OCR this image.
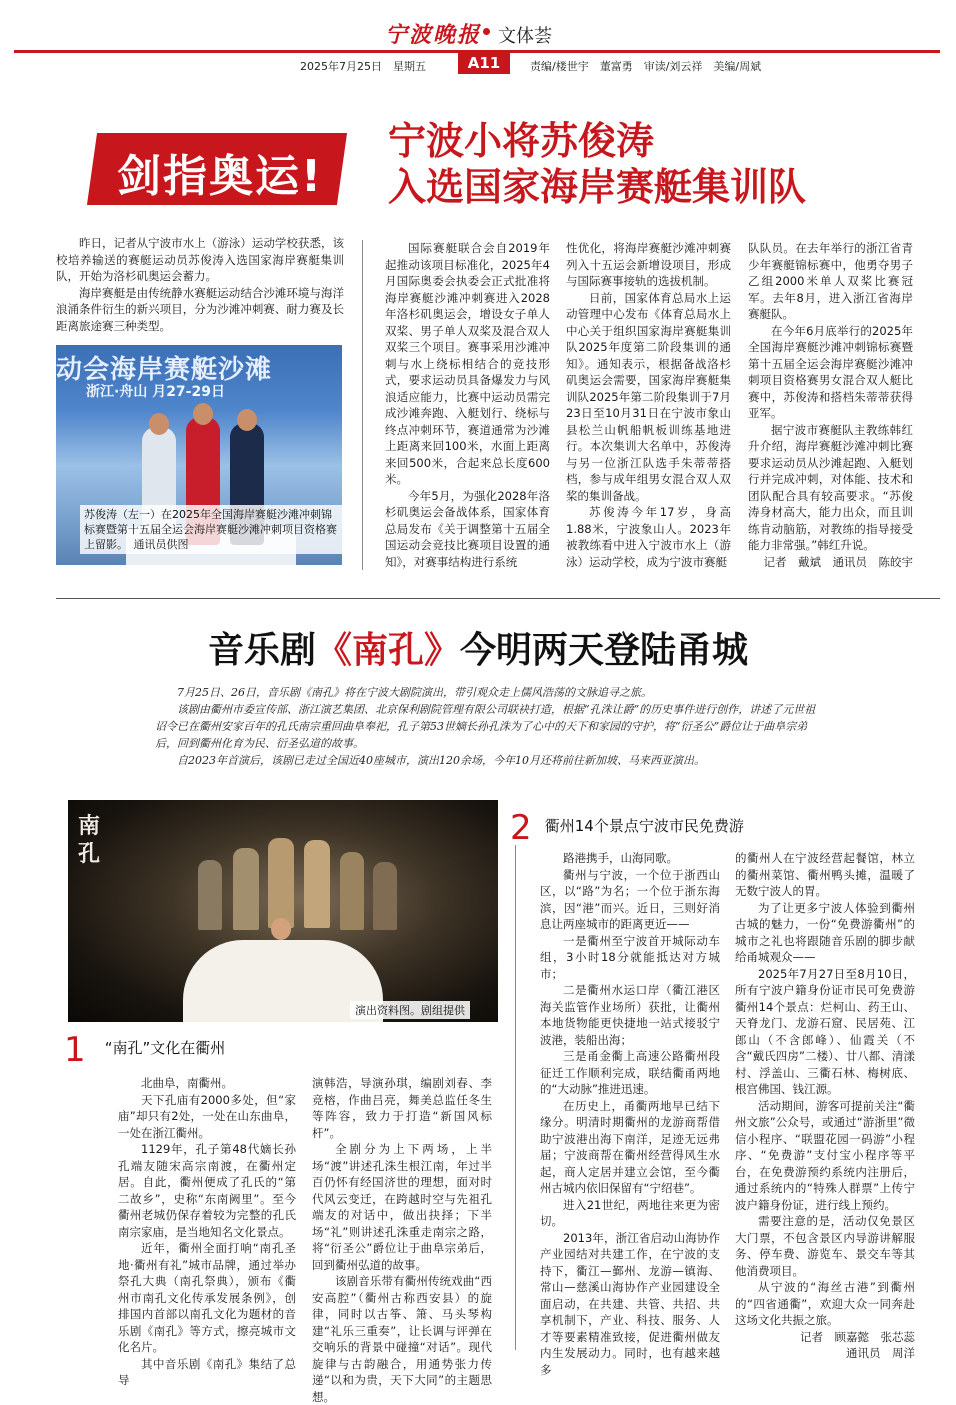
宁波晚报 文体荟
2025年7月25日　星期五	A11	责编/楼世宇　董富勇　审读/刘云祥　美编/周斌
剑指奥运!
宁波小将苏俊涛
入选国家海岸赛艇集训队

昨日，记者从宁波市水上（游泳）运动学校获悉，该校培养输送的赛艇运动员苏俊涛入选国家海岸赛艇集训队，开始为洛杉矶奥运会蓄力。

海岸赛艇是由传统静水赛艇运动结合沙滩环境与海洋浪涌条件衍生的新兴项目，分为沙滩冲刺赛、耐力赛及长距离旅途赛三种类型。

动会海岸赛艇沙滩
浙江·舟山 月27-29日
苏俊涛（左一）在2025年全国海岸赛艇沙滩冲刺锦标赛暨第十五届全运会海岸赛艇沙滩冲刺项目资格赛上留影。　通讯员供图

国际赛艇联合会自2019年起推动该项目标准化，2025年4月国际奥委会执委会正式批准将海岸赛艇沙滩冲刺赛进入2028年洛杉矶奥运会，增设女子单人双桨、男子单人双桨及混合双人双桨三个项目。赛事采用沙滩冲刺与水上绕标相结合的竞技形式，要求运动员具备爆发力与风浪适应能力，比赛中运动员需完成沙滩奔跑、入艇划行、绕标与终点冲刺环节，赛道通常为沙滩上距离来回100米，水面上距离来回500米，合起来总长度600米。

今年5月，为强化2028年洛杉矶奥运会备战体系，国家体育总局发布《关于调整第十五届全国运动会竞技比赛项目设置的通知》，对赛事结构进行系统

性优化，将海岸赛艇沙滩冲刺赛列入十五运会新增设项目，形成与国际赛事接轨的选拔机制。

日前，国家体育总局水上运动管理中心发布《体育总局水上中心关于组织国家海岸赛艇集训队2025年度第二阶段集训的通知》。通知表示，根据备战洛杉矶奥运会需要，国家海岸赛艇集训队2025年第二阶段集训于7月23日至10月31日在宁波市象山县松兰山帆船帆板训练基地进行。本次集训大名单中，苏俊涛与另一位浙江队选手朱蒂蒂搭档，参与成年组男女混合双人双桨的集训备战。

苏俊涛今年17岁，身高1.88米，宁波象山人。2023年被教练看中进入宁波市水上（游泳）运动学校，成为宁波市赛艇

队队员。在去年举行的浙江省青少年赛艇锦标赛中，他勇夺男子乙组2000米单人双桨比赛冠军。去年8月，进入浙江省海岸赛艇队。

在今年6月底举行的2025年全国海岸赛艇沙滩冲刺锦标赛暨第十五届全运会海岸赛艇沙滩冲刺项目资格赛男女混合双人艇比赛中，苏俊涛和搭档朱蒂蒂获得亚军。

据宁波市赛艇队主教练韩红升介绍，海岸赛艇沙滩冲刺比赛要求运动员从沙滩起跑、入艇划行并完成冲刺，对体能、技术和团队配合具有较高要求。“苏俊涛身材高大，能力出众，而且训练肯动脑筋，对教练的指导接受能力非常强。”韩红升说。

记者　戴斌　通讯员　陈皎宇
音乐剧《南孔》今明两天登陆甬城

7月25日、26日，音乐剧《南孔》将在宁波大剧院演出，带引观众走上儒风浩荡的文脉追寻之旅。

该剧由衢州市委宣传部、浙江演艺集团、北京保利剧院管理有限公司联袂打造，根据“孔洙让爵”的历史事件进行创作，讲述了元世祖诏令已在衢州安家百年的孔氏南宗重回曲阜奉祀，孔子第53世嫡长孙孔洙为了心中的天下和家园的守护，将“衍圣公”爵位让于曲阜宗弟后，回到衢州化育为民、衍圣弘道的故事。

自2023年首演后，该剧已走过全国近40座城市，演出120余场，今年10月还将前往新加坡、马来西亚演出。

南孔
演出资料图。剧组提供
1 “南孔”文化在衢州

北曲阜，南衢州。

天下孔庙有2000多处，但“家庙”却只有2处，一处在山东曲阜，一处在浙江衢州。

1129年，孔子第48代嫡长孙孔端友随宋高宗南渡，在衢州定居。自此，衢州便成了孔氏的“第二故乡”，史称“东南阙里”。至今衢州老城仍保存着较为完整的孔氏南宗家庙，是当地知名文化景点。

近年，衢州全面打响“南孔圣地·衢州有礼”城市品牌，通过举办祭孔大典（南孔祭典），颁布《衢州市南孔文化传承发展条例》，创排国内首部以南孔文化为题材的音乐剧《南孔》等方式，擦亮城市文化名片。

其中音乐剧《南孔》集结了总导

演韩浩，导演孙琪，编剧刘春、李竞榕，作曲吕亮，舞美总监任冬生等阵容，致力于打造“新国风标杆”。

全剧分为上下两场，上半场“渡”讲述孔洙生根江南，年过半百仍怀有经国济世的理想，面对时代风云变迁，在跨越时空与先祖孔端友的对话中，做出抉择；下半场“礼”则讲述孔洙重走南宗之路，将“衍圣公”爵位让于曲阜宗弟后，回到衢州弘道的故事。

该剧音乐带有衢州传统戏曲“西安高腔”（衢州古称西安县）的旋律，同时以古筝、箫、马头琴构建“礼乐三重奏”，让长调与评弹在交响乐的背景中碰撞“对话”。现代旋律与古韵融合，用通势张力传递“以和为贵，天下大同”的主题思想。

2 衢州14个景点宁波市民免费游

路港携手，山海同歌。

衢州与宁波，一个位于浙西山区，以“路”为名；一个位于浙东海滨，因“港”而兴。近日，三则好消息让两座城市的距离更近——

一是衢州至宁波首开城际动车组，3小时18分就能抵达对方城市；

二是衢州水运口岸（衢江港区海关监管作业场所）获批，让衢州本地货物能更快捷地一站式接驳宁波港，装船出海；

三是甬金衢上高速公路衢州段征迁工作顺利完成，联结衢甬两地的“大动脉”推进迅速。

在历史上，甬衢两地早已结下缘分。明清时期衢州的龙游商帮借助宁波港出海下南洋，足迹无远弗届；宁波商帮在衢州经营得风生水起，商人定居并建立会馆，至今衢州古城内依旧保留有“宁绍巷”。

进入21世纪，两地往来更为密切。

2013年，浙江省启动山海协作产业园结对共建工作，在宁波的支持下，衢江—鄞州、龙游—镇海、常山—慈溪山海协作产业园建设全面启动，在共建、共管、共招、共享机制下，产业、科技、服务、人才等要素精准致接，促进衢州做友内生发展动力。同时，也有越来越多

的衢州人在宁波经营起餐馆，林立的衢州菜馆、衢州鸭头摊，温暖了无数宁波人的胃。

为了让更多宁波人体验到衢州古城的魅力，一份“免费游衢州”的城市之礼也将跟随音乐剧的脚步献给甬城观众——

2025年7月27日至8月10日，所有宁波户籍身份证市民可免费游衢州14个景点：烂柯山、药王山、天脊龙门、龙游石窟、民居苑、江郎山（不含郎峰）、仙霞关（不含“戴氏四房”二楼）、廿八都、清漾村、浮盖山、三衢石林、梅树底、根宫佛国、钱江源。

活动期间，游客可提前关注“衢州文旅”公众号，或通过“游浙里”微信小程序、“联盟花园一码游”小程序、“免费游”支付宝小程序等平台，在免费游预约系统内注册后，通过系统内的“特殊人群票”上传宁波户籍身份证，进行线上预约。

需要注意的是，活动仅免景区大门票，不包含景区内导游讲解服务、停车费、游览车、景交车等其他消费项目。

从宁波的“海丝古港”到衢州的“四省通衢”，欢迎大众一同奔赴这场文化共振之旅。

记者　顾嘉懿　张芯蕊
通讯员　周洋
